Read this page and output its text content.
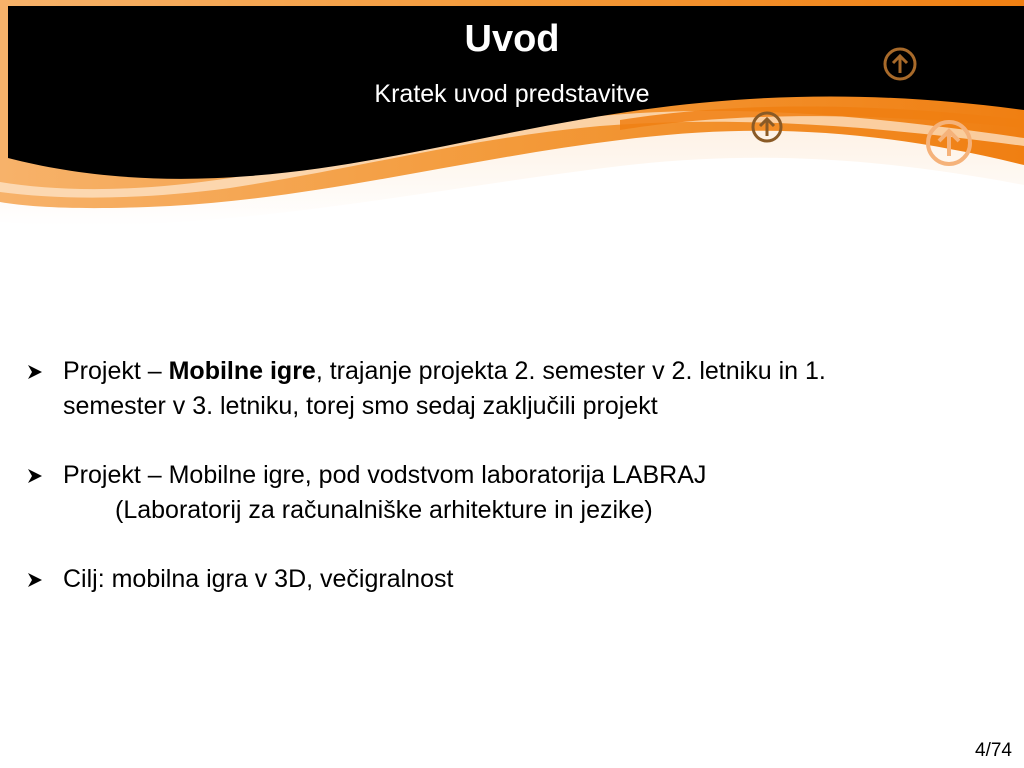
Uvod
Kratek uvod predstavitve
Projekt – Mobilne igre, trajanje projekta 2. semester v 2. letniku in 1.
semester v 3. letniku, torej smo sedaj zaključili projekt
Projekt – Mobilne igre, pod vodstvom laboratorija LABRAJ
(Laboratorij za računalniške arhitekture in jezike)
Cilj: mobilna igra v 3D, večigralnost
4/74
